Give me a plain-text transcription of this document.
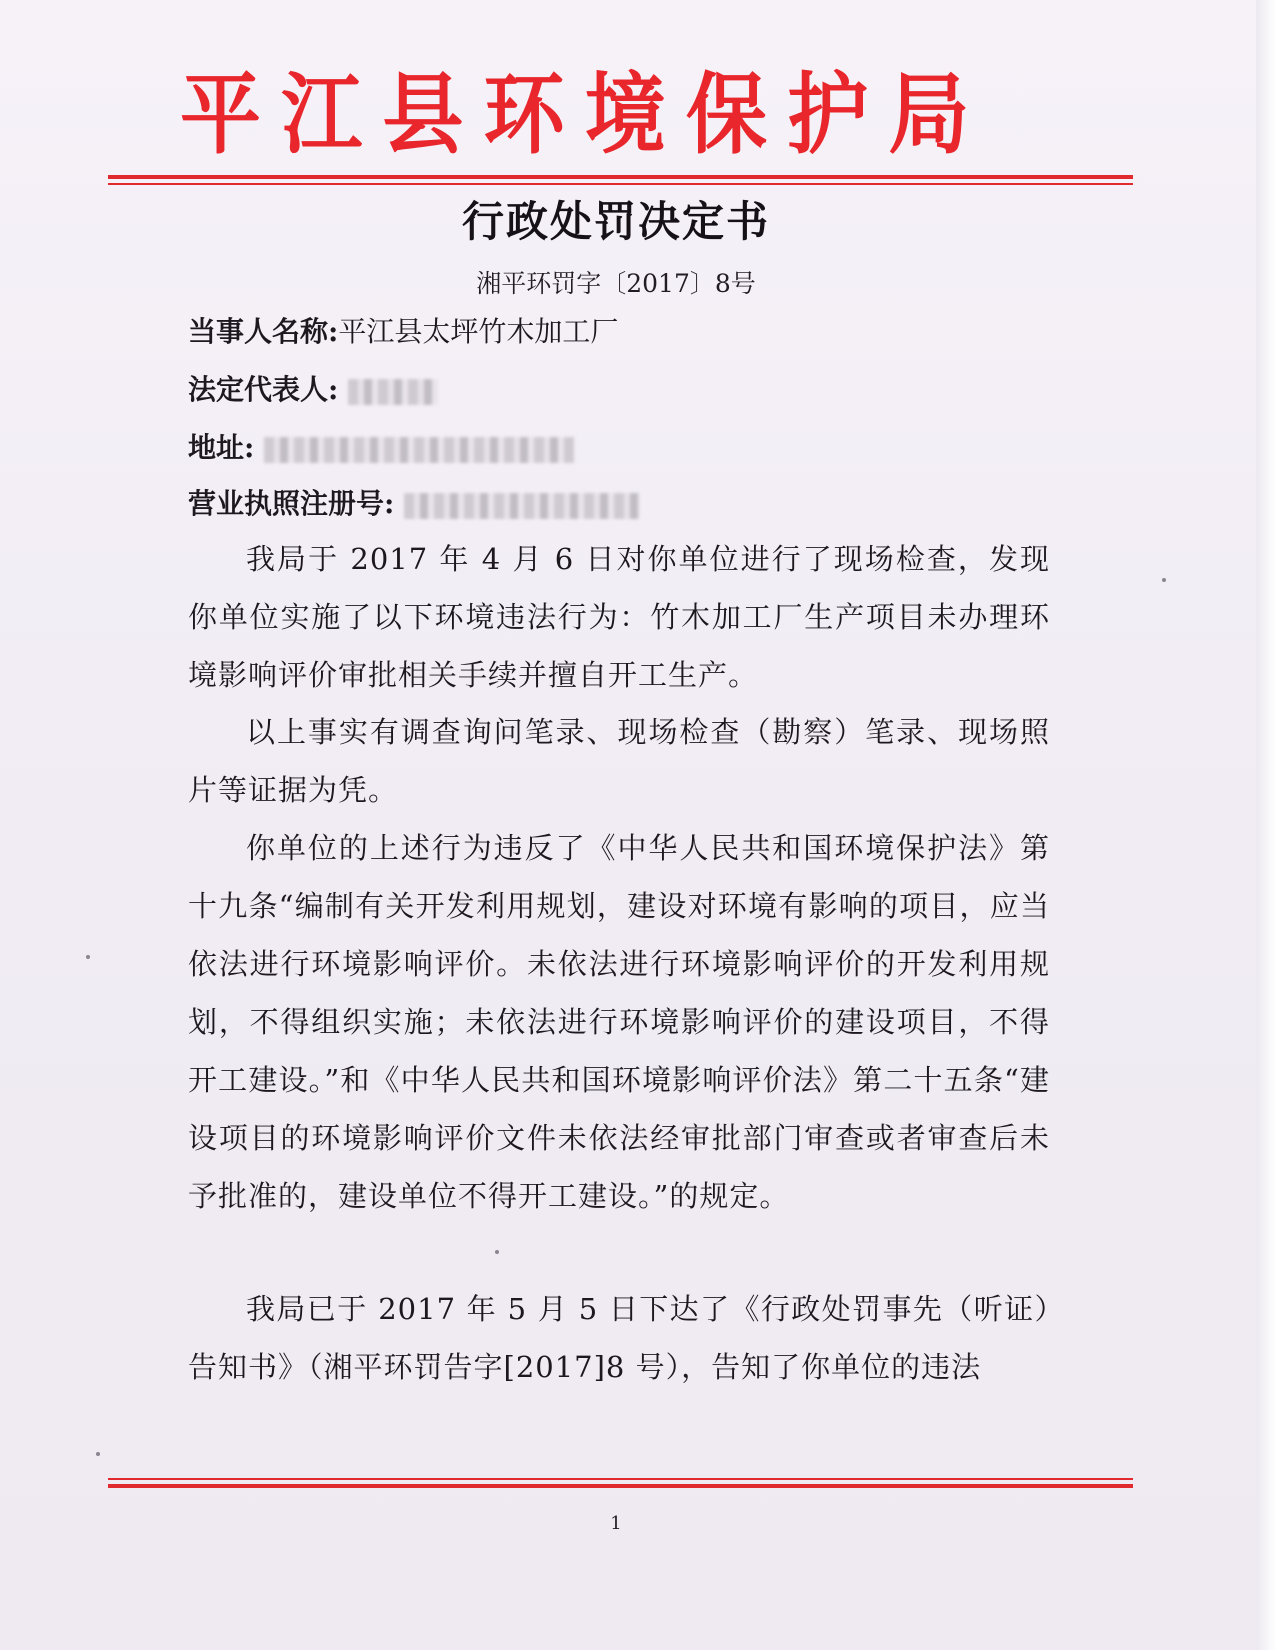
平江县环境保护局
行政处罚决定书
湘平环罚字〔2017〕8号
当事人名称:平江县太坪竹木加工厂
法定代表人:
地址:
营业执照注册号:
我局于 2017 年 4 月 6 日对你单位进行了现场检查，发现你单位实施了以下环境违法行为：竹木加工厂生产项目未办理环境影响评价审批相关手续并擅自开工生产。
以上事实有调查询问笔录、现场检查（勘察）笔录、现场照片等证据为凭。
你单位的上述行为违反了《中华人民共和国环境保护法》第十九条“编制有关开发利用规划，建设对环境有影响的项目，应当依法进行环境影响评价。未依法进行环境影响评价的开发利用规划，不得组织实施；未依法进行环境影响评价的建设项目，不得开工建设。”和《中华人民共和国环境影响评价法》第二十五条“建设项目的环境影响评价文件未依法经审批部门审查或者审查后未予批准的，建设单位不得开工建设。”的规定。
我局已于 2017 年 5 月 5 日下达了《行政处罚事先（听证）告知书》（湘平环罚告字[2017]8 号），告知了你单位的违法
1
